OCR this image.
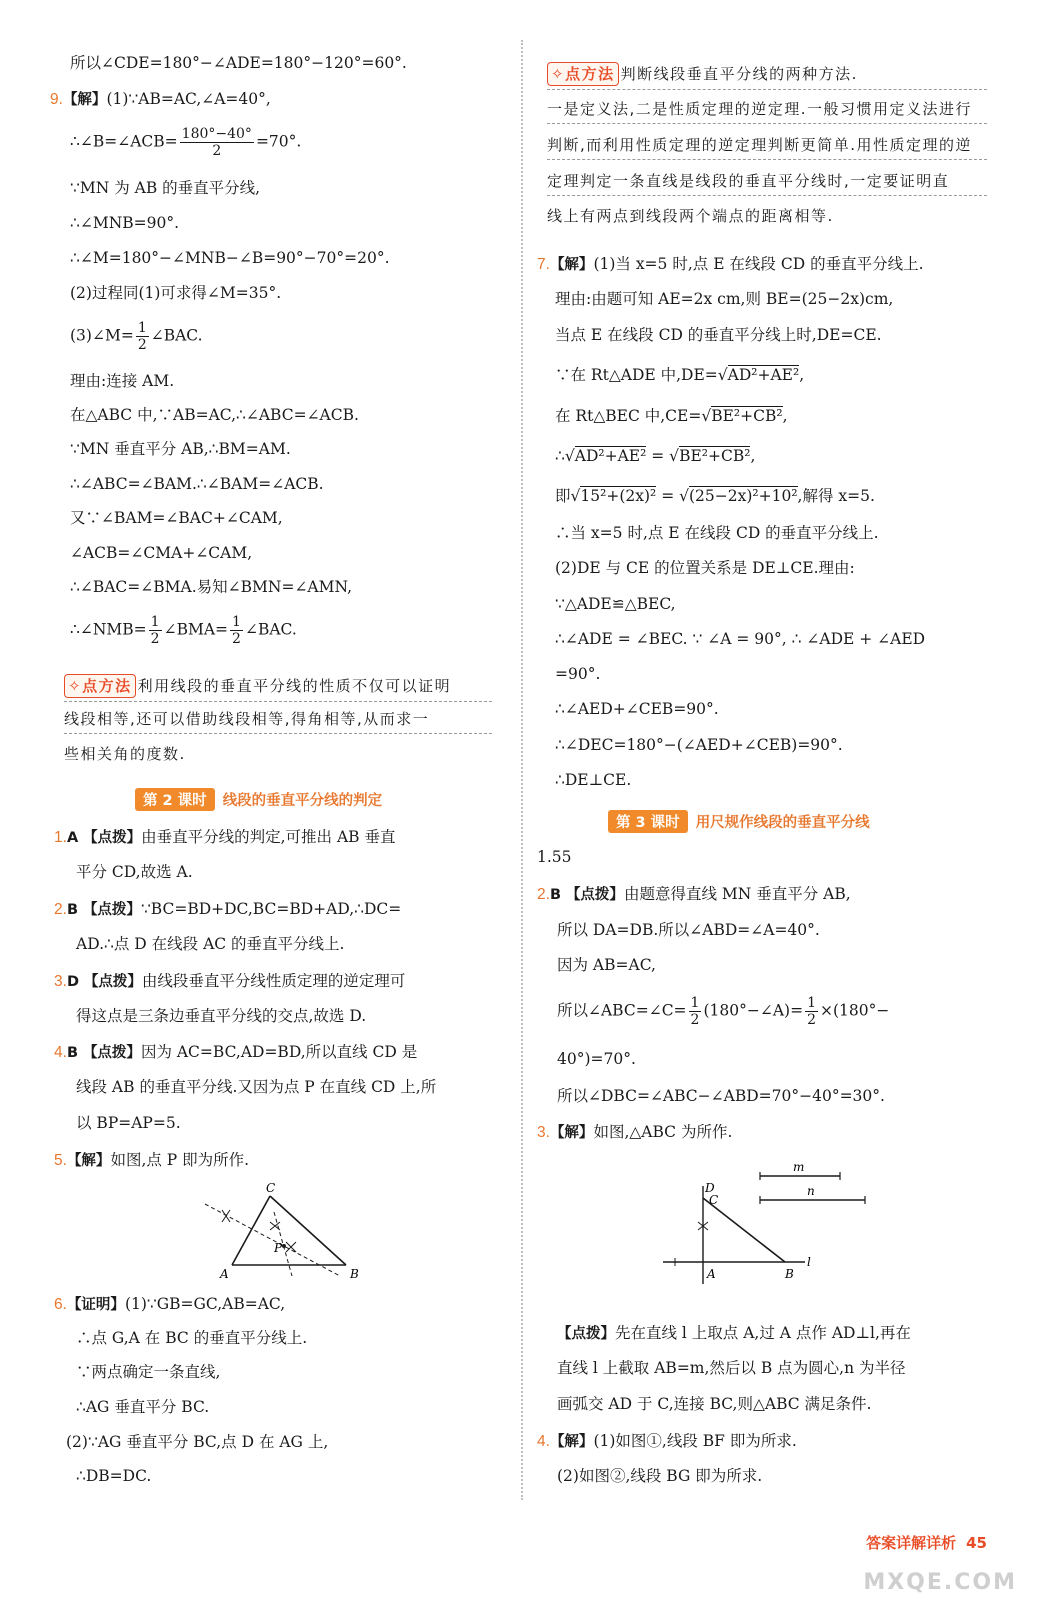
所以∠CDE=180°−∠ADE=180°−120°=60°.
9.【解】(1)∵AB=AC,∠A=40°,
∴∠B=∠ACB= $\frac{180^\circ-40^\circ}{2} =70^\circ$.
∵MN 为 AB 的垂直平分线,
∴∠MNB=90°.
∴∠M=180°−∠MNB−∠B=90°−70°=20°.
(2)过程同(1)可求得∠M=35°.
(3)∠M= $\frac{1}{2}$ ∠BAC.
理由:连接 AM.
在△ABC 中,∵AB=AC,∴∠ABC=∠ACB.
∵MN 垂直平分 AB,∴BM=AM.
∴∠ABC=∠BAM.∴∠BAM=∠ACB.
又∵∠BAM=∠BAC+∠CAM,
∠ACB=∠CMA+∠CAM,
∴∠BAC=∠BMA.易知∠BMN=∠AMN,
∴∠NMB= $\frac{1}{2}$ ∠BMA= $\frac{1}{2}$ ∠BAC.
✧点方法 利用线段的垂直平分线的性质不仅可以证明
线段相等,还可以借助线段相等,得角相等,从而求一
些相关角的度数.
第 2 课时 线段的垂直平分线的判定
1.A 【点拨】由垂直平分线的判定,可推出 AB 垂直
平分 CD,故选 A.
2.B 【点拨】∵BC=BD+DC,BC=BD+AD,∴DC=
AD.∴点 D 在线段 AC 的垂直平分线上.
3.D 【点拨】由线段垂直平分线性质定理的逆定理可
得这点是三条边垂直平分线的交点,故选 D.
4.B 【点拨】因为 AC=BC,AD=BD,所以直线 CD 是
线段 AB 的垂直平分线.又因为点 P 在直线 CD 上,所
以 BP=AP=5.
5.【解】如图,点 P 即为所作.
C
P
A	B
6.【证明】(1)∵GB=GC,AB=AC,
∴点 G,A 在 BC 的垂直平分线上.
∵两点确定一条直线,
∴AG 垂直平分 BC.
(2)∵AG 垂直平分 BC,点 D 在 AG 上,
∴DB=DC.
✧点方法 判断线段垂直平分线的两种方法.
一是定义法,二是性质定理的逆定理.一般习惯用定义法进行
判断,而利用性质定理的逆定理判断更简单.用性质定理的逆
定理判定一条直线是线段的垂直平分线时,一定要证明直
线上有两点到线段两个端点的距离相等.
7.【解】(1)当 x=5 时,点 E 在线段 CD 的垂直平分线上.
理由:由题可知 AE=2x cm,则 BE=(25−2x)cm,
当点 E 在线段 CD 的垂直平分线上时,DE=CE.
∵在 Rt△ADE 中,DE=√AD²+AE²,
在 Rt△BEC 中,CE=√BE²+CB²,
∴√AD²+AE² = √BE²+CB²,
即√15²+(2x)² = √(25−2x)²+10²,解得 x=5.
∴当 x=5 时,点 E 在线段 CD 的垂直平分线上.
(2)DE 与 CE 的位置关系是 DE⊥CE.理由:
∵△ADE≌△BEC,
∴∠ADE = ∠BEC. ∵ ∠A = 90°, ∴ ∠ADE + ∠AED
=90°.
∴∠AED+∠CEB=90°.
∴∠DEC=180°−(∠AED+∠CEB)=90°.
∴DE⊥CE.
第 3 课时 用尺规作线段的垂直平分线
1.55
2.B 【点拨】由题意得直线 MN 垂直平分 AB,
所以 DA=DB.所以∠ABD=∠A=40°.
因为 AB=AC,
所以∠ABC=∠C= $\frac{1}{2}$ (180°−∠A)= $\frac{1}{2} \times(180^\circ-$
40°)=70°.
所以∠DBC=∠ABC−∠ABD=70°−40°=30°.
3.【解】如图,△ABC 为所作.
m
n
D
C
A	B
l
【点拨】先在直线 l 上取点 A,过 A 点作 AD⊥l,再在
直线 l 上截取 AB=m,然后以 B 点为圆心,n 为半径
画弧交 AD 于 C,连接 BC,则△ABC 满足条件.
4.【解】(1)如图①,线段 BF 即为所求.
(2)如图②,线段 BG 即为所求.
答案详解详析 45
MXQE.COM
